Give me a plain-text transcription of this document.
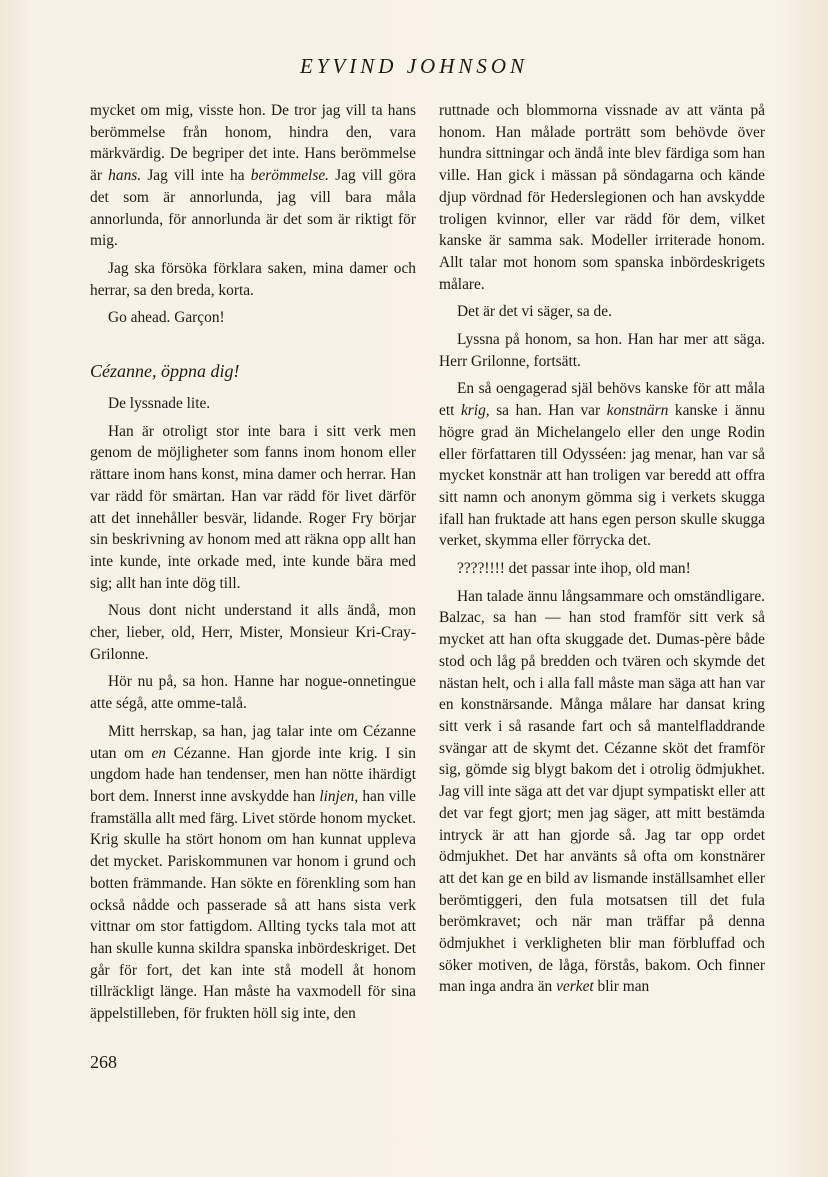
EYVIND JOHNSON

mycket om mig, visste hon. De tror jag vill ta hans berömmelse från honom, hindra den, vara märkvärdig. De begriper det inte. Hans berömmelse är hans. Jag vill inte ha berömmelse. Jag vill göra det som är annorlunda, jag vill bara måla annorlunda, för annorlunda är det som är riktigt för mig.

Jag ska försöka förklara saken, mina damer och herrar, sa den breda, korta.

Go ahead. Garçon!

Cézanne, öppna dig!

De lyssnade lite.

Han är otroligt stor inte bara i sitt verk men genom de möjligheter som fanns inom honom eller rättare inom hans konst, mina damer och herrar. Han var rädd för smärtan. Han var rädd för livet därför att det innehåller besvär, lidande. Roger Fry börjar sin beskrivning av honom med att räkna opp allt han inte kunde, inte orkade med, inte kunde bära med sig; allt han inte dög till.

Nous dont nicht understand it alls ändå, mon cher, lieber, old, Herr, Mister, Monsieur Kri-Cray-Grilonne.

Hör nu på, sa hon. Hanne har nogue-onnetingue atte ségå, atte omme-talå.

Mitt herrskap, sa han, jag talar inte om Cézanne utan om en Cézanne. Han gjorde inte krig. I sin ungdom hade han tendenser, men han nötte ihärdigt bort dem. Innerst inne avskydde han linjen, han ville framställa allt med färg. Livet störde honom mycket. Krig skulle ha stört honom om han kunnat uppleva det mycket. Pariskommunen var honom i grund och botten främmande. Han sökte en förenkling som han också nådde och passerade så att hans sista verk vittnar om stor fattigdom. Allting tycks tala mot att han skulle kunna skildra spanska inbördeskriget. Det går för fort, det kan inte stå modell åt honom tillräckligt länge. Han måste ha vaxmodell för sina äppelstilleben, för frukten höll sig inte, den

ruttnade och blommorna vissnade av att vänta på honom. Han målade porträtt som behövde över hundra sittningar och ändå inte blev färdiga som han ville. Han gick i mässan på söndagarna och kände djup vördnad för Hederslegionen och han avskydde troligen kvinnor, eller var rädd för dem, vilket kanske är samma sak. Modeller irriterade honom. Allt talar mot honom som spanska inbördeskrigets målare.

Det är det vi säger, sa de.

Lyssna på honom, sa hon. Han har mer att säga. Herr Grilonne, fortsätt.

En så oengagerad själ behövs kanske för att måla ett krig, sa han. Han var konstnärn kanske i ännu högre grad än Michelangelo eller den unge Rodin eller författaren till Odysséen: jag menar, han var så mycket konstnär att han troligen var beredd att offra sitt namn och anonym gömma sig i verkets skugga ifall han fruktade att hans egen person skulle skugga verket, skymma eller förrycka det.

????!!!! det passar inte ihop, old man!

Han talade ännu långsammare och omständligare. Balzac, sa han — han stod framför sitt verk så mycket att han ofta skuggade det. Dumas-père både stod och låg på bredden och tvären och skymde det nästan helt, och i alla fall måste man säga att han var en konstnärsande. Många målare har dansat kring sitt verk i så rasande fart och så mantelfladdrande svängar att de skymt det. Cézanne sköt det framför sig, gömde sig blygt bakom det i otrolig ödmjukhet. Jag vill inte säga att det var djupt sympatiskt eller att det var fegt gjort; men jag säger, att mitt bestämda intryck är att han gjorde så. Jag tar opp ordet ödmjukhet. Det har använts så ofta om konstnärer att det kan ge en bild av lismande inställsamhet eller berömtiggeri, den fula motsatsen till det fula berömkravet; och när man träffar på denna ödmjukhet i verkligheten blir man förbluffad och söker motiven, de låga, förstås, bakom. Och finner man inga andra än verket blir man

268
